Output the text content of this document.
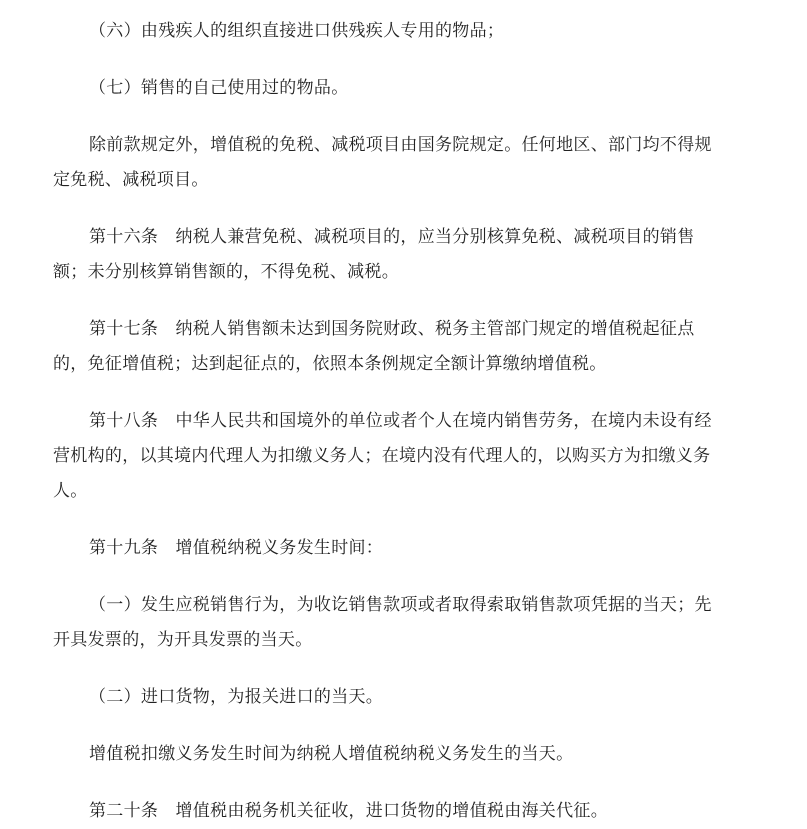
（六）由残疾人的组织直接进口供残疾人专用的物品；

（七）销售的自己使用过的物品。

除前款规定外，增值税的免税、减税项目由国务院规定。任何地区、部门均不得规定免税、减税项目。

第十六条　纳税人兼营免税、减税项目的，应当分别核算免税、减税项目的销售额；未分别核算销售额的，不得免税、减税。

第十七条　纳税人销售额未达到国务院财政、税务主管部门规定的增值税起征点的，免征增值税；达到起征点的，依照本条例规定全额计算缴纳增值税。

第十八条　中华人民共和国境外的单位或者个人在境内销售劳务，在境内未设有经营机构的，以其境内代理人为扣缴义务人；在境内没有代理人的，以购买方为扣缴义务人。

第十九条　增值税纳税义务发生时间：

（一）发生应税销售行为，为收讫销售款项或者取得索取销售款项凭据的当天；先开具发票的，为开具发票的当天。

（二）进口货物，为报关进口的当天。

增值税扣缴义务发生时间为纳税人增值税纳税义务发生的当天。

第二十条　增值税由税务机关征收，进口货物的增值税由海关代征。
